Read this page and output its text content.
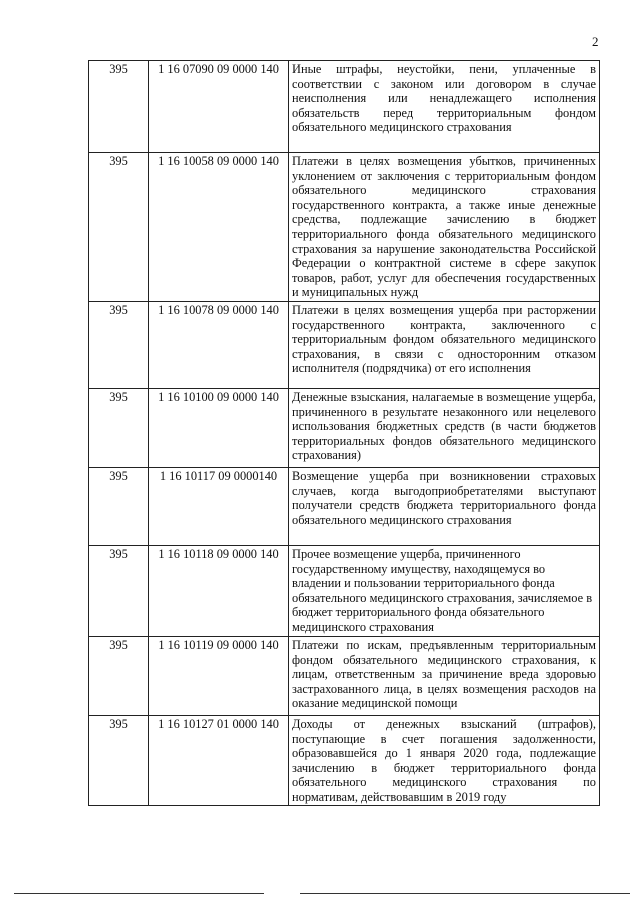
2
395	1 16 07090 09 0000 140	Иные штрафы, неустойки, пени, уплаченные в соответствии с законом или договором в случае неисполнения или ненадлежащего исполнения обязательств перед территориальным фондом обязательного медицинского страхования
395	1 16 10058 09 0000 140	Платежи в целях возмещения убытков, причиненных уклонением от заключения с территориальным фондом обязательного медицинского страхования государственного контракта, а также иные денежные средства, подлежащие зачислению в бюджет территориального фонда обязательного медицинского страхования за нарушение законодательства Российской Федерации о контрактной системе в сфере закупок товаров, работ, услуг для обеспечения государственных и муниципальных нужд
395	1 16 10078 09 0000 140	Платежи в целях возмещения ущерба при расторжении государственного контракта, заключенного с территориальным фондом обязательного медицинского страхования, в связи с односторонним отказом исполнителя (подрядчика) от его исполнения
395	1 16 10100 09 0000 140	Денежные взыскания, налагаемые в возмещение ущерба, причиненного в результате незаконного или нецелевого использования бюджетных средств (в части бюджетов территориальных фондов обязательного медицинского страхования)
395	1 16 10117 09 0000140	Возмещение ущерба при возникновении страховых случаев, когда выгодоприобретателями выступают получатели средств бюджета территориального фонда обязательного медицинского страхования
395	1 16 10118 09 0000 140	Прочее возмещение ущерба, причиненного государственному имуществу, находящемуся во владении и пользовании территориального фонда обязательного медицинского страхования, зачисляемое в бюджет территориального фонда обязательного медицинского страхования
395	1 16 10119 09 0000 140	Платежи по искам, предъявленным территориальным фондом обязательного медицинского страхования, к лицам, ответственным за причинение вреда здоровью застрахованного лица, в целях возмещения расходов на оказание медицинской помощи
395	1 16 10127 01 0000 140	Доходы от денежных взысканий (штрафов), поступающие в счет погашения задолженности, образовавшейся до 1 января 2020 года, подлежащие зачислению в бюджет территориального фонда обязательного медицинского страхования по нормативам, действовавшим в 2019 году
